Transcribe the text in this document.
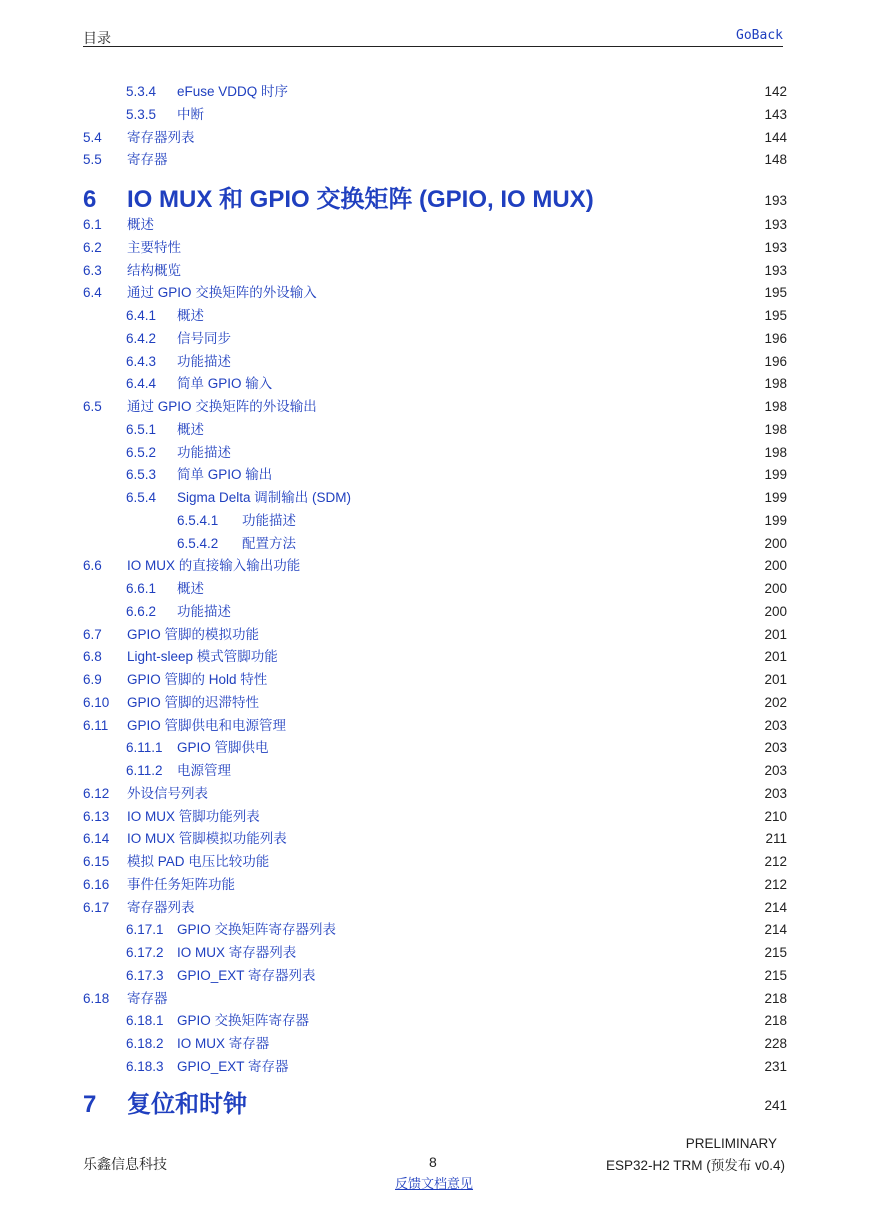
目录	GoBack
5.3.4 eFuse VDDQ 时序	142
5.3.5 中断	143
5.4 寄存器列表	144
5.5 寄存器	148
6 IO MUX 和 GPIO 交换矩阵 (GPIO, IO MUX)	193
6.1 概述	193
6.2 主要特性	193
6.3 结构概览	193
6.4 通过 GPIO 交换矩阵的外设输入	195
6.4.1 概述	195
6.4.2 信号同步	196
6.4.3 功能描述	196
6.4.4 简单 GPIO 输入	198
6.5 通过 GPIO 交换矩阵的外设输出	198
6.5.1 概述	198
6.5.2 功能描述	198
6.5.3 简单 GPIO 输出	199
6.5.4 Sigma Delta 调制输出 (SDM)	199
6.5.4.1 功能描述	199
6.5.4.2 配置方法	200
6.6 IO MUX 的直接输入输出功能	200
6.6.1 概述	200
6.6.2 功能描述	200
6.7 GPIO 管脚的模拟功能	201
6.8 Light-sleep 模式管脚功能	201
6.9 GPIO 管脚的 Hold 特性	201
6.10 GPIO 管脚的迟滞特性	202
6.11 GPIO 管脚供电和电源管理	203
6.11.1 GPIO 管脚供电	203
6.11.2 电源管理	203
6.12 外设信号列表	203
6.13 IO MUX 管脚功能列表	210
6.14 IO MUX 管脚模拟功能列表	211
6.15 模拟 PAD 电压比较功能	212
6.16 事件任务矩阵功能	212
6.17 寄存器列表	214
6.17.1 GPIO 交换矩阵寄存器列表	214
6.17.2 IO MUX 寄存器列表	215
6.17.3 GPIO_EXT 寄存器列表	215
6.18 寄存器	218
6.18.1 GPIO 交换矩阵寄存器	218
6.18.2 IO MUX 寄存器	228
6.18.3 GPIO_EXT 寄存器	231
7 复位和时钟	241
乐鑫信息科技	8
PRELIMINARY
ESP32-H2 TRM (预发布 v0.4)
反馈文档意见
